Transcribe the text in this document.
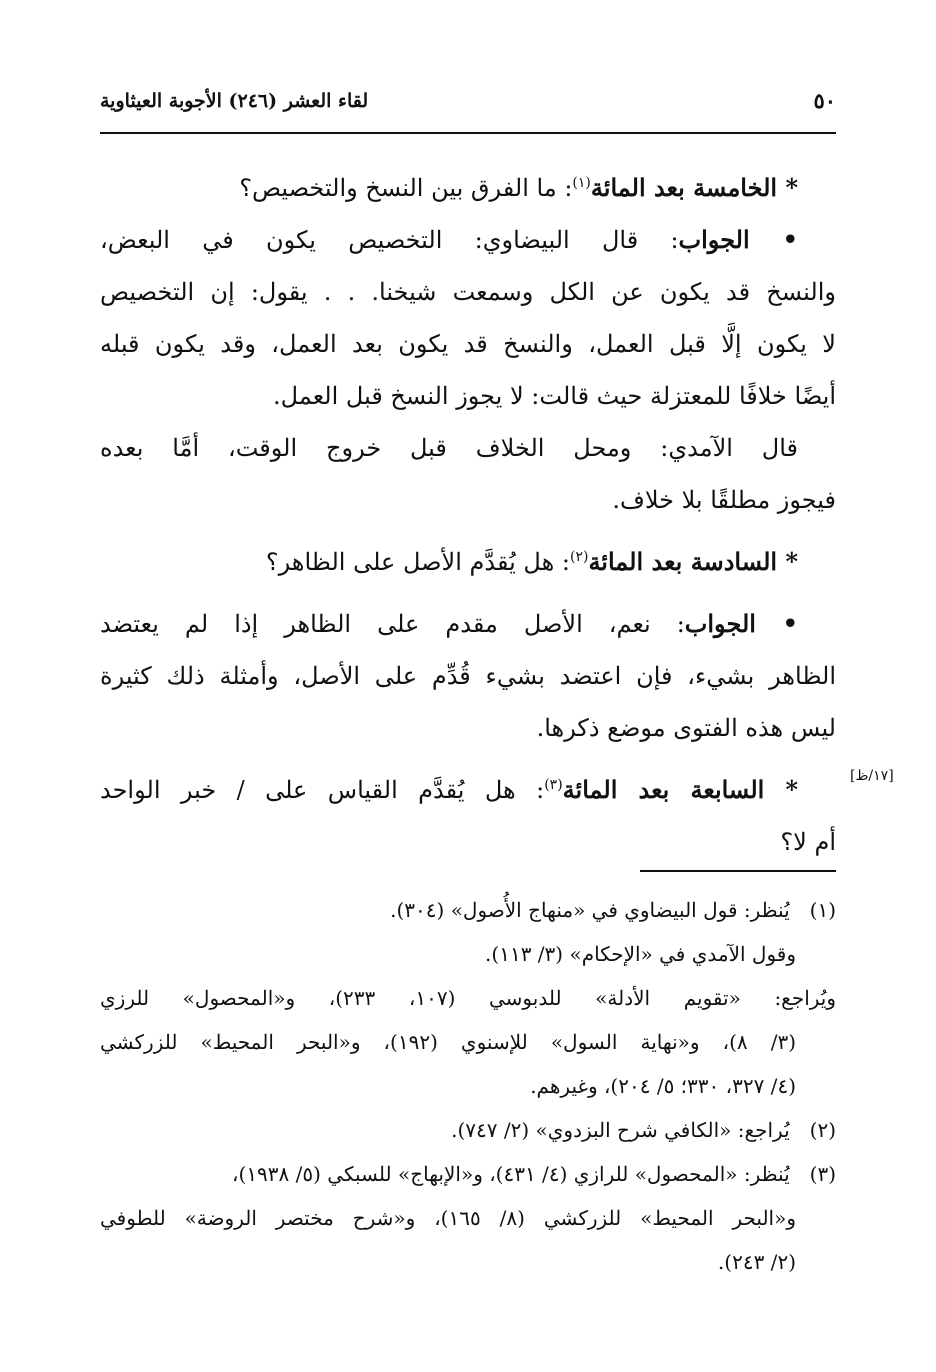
٥٠
لقاء العشر (٢٤٦) الأجوبة العيثاوية
* الخامسة بعد المائة$^{(١)}$: ما الفرق بين النسخ والتخصيص؟
• الجواب: قال البيضاوي: التخصيص يكون في البعض،
والنسخ قد يكون عن الكل وسمعت شيخنا. . . يقول: إن التخصيص
لا يكون إلَّا قبل العمل، والنسخ قد يكون بعد العمل، وقد يكون قبله
أيضًا خلافًا للمعتزلة حيث قالت: لا يجوز النسخ قبل العمل.
قال الآمدي: ومحل الخلاف قبل خروج الوقت، أمَّا بعده
فيجوز مطلقًا بلا خلاف.
* السادسة بعد المائة$^{(٢)}$: هل يُقدَّم الأصل على الظاهر؟
• الجواب: نعم، الأصل مقدم على الظاهر إذا لم يعتضد
الظاهر بشيء، فإن اعتضد بشيء قُدِّم على الأصل، وأمثلة ذلك كثيرة
ليس هذه الفتوى موضع ذكرها.
* السابعة بعد المائة$^{(٣)}$: هل يُقدَّم القياس على / خبر الواحد
أم لا؟
[١٧/ظ]
(١) يُنظر: قول البيضاوي في «منهاج الأُصول» (٣٠٤).
وقول الآمدي في «الإحكام» (٣/ ١١٣).
ويُراجع: «تقويم الأدلة» للدبوسي (١٠٧، ٢٣٣)، و«المحصول» للرزي
(٣/ ٨)، و«نهاية السول» للإسنوي (١٩٢)، و«البحر المحيط» للزركشي
(٤/ ٣٢٧، ٣٣٠؛ ٥/ ٢٠٤)، وغيرهم.
(٢) يُراجع: «الكافي شرح البزدوي» (٢/ ٧٤٧).
(٣) يُنظر: «المحصول» للرازي (٤/ ٤٣١)، و«الإبهاج» للسبكي (٥/ ١٩٣٨)،
و«البحر المحيط» للزركشي (٨/ ١٦٥)، و«شرح مختصر الروضة» للطوفي
(٢/ ٢٤٣).
